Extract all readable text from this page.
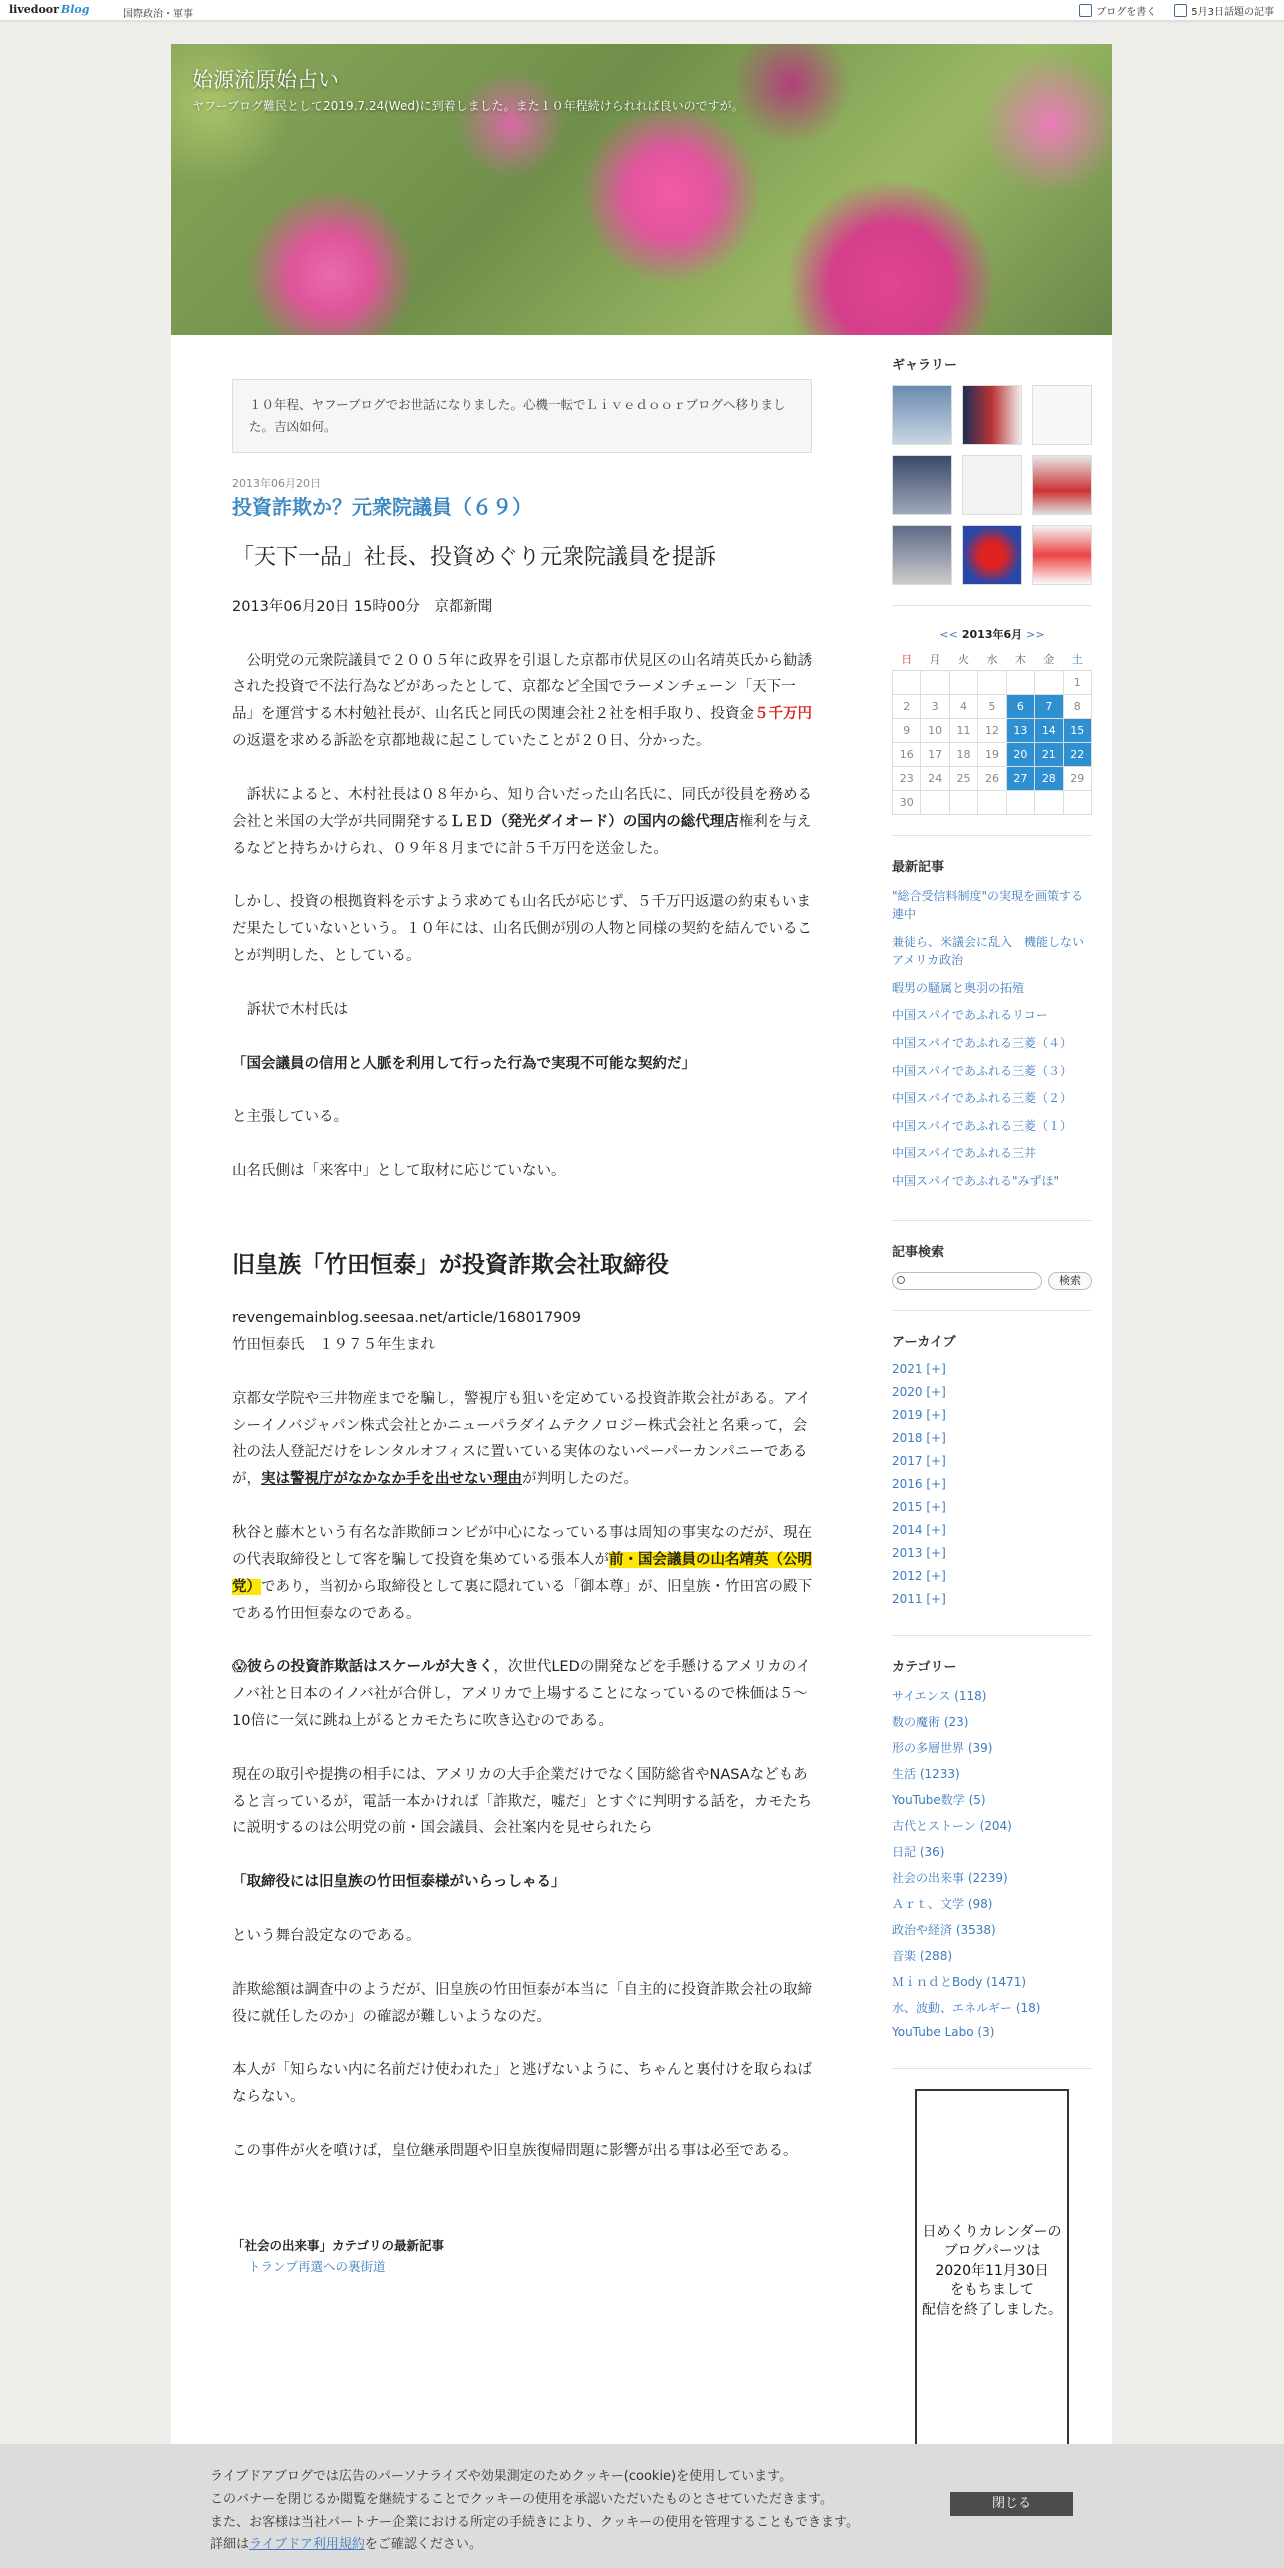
livedoor Blog	国際政治・軍事	ブログを書く	5月3日話題の記事
始源流原始占い
ヤフーブログ難民として2019.7.24(Wed)に到着しました。また１０年程続けられれば良いのですが。
１０年程、ヤフーブログでお世話になりました。心機一転でＬｉｖｅｄｏｏｒブログへ移りました。吉凶如何。
2013年06月20日
投資詐欺か？元衆院議員（６９）
「天下一品」社長、投資めぐり元衆院議員を提訴
2013年06月20日 15時00分　京都新聞
　公明党の元衆院議員で２００５年に政界を引退した京都市伏見区の山名靖英氏から勧誘された投資で不法行為などがあったとして、京都など全国でラーメンチェーン「天下一品」を運営する木村勉社長が、山名氏と同氏の関連会社２社を相手取り、投資金５千万円の返還を求める訴訟を京都地裁に起こしていたことが２０日、分かった。
　訴状によると、木村社長は０８年から、知り合いだった山名氏に、同氏が役員を務める会社と米国の大学が共同開発するＬＥＤ（発光ダイオード）の国内の総代理店権利を与えるなどと持ちかけられ、０９年８月までに計５千万円を送金した。
しかし、投資の根拠資料を示すよう求めても山名氏が応じず、５千万円返還の約束もいまだ果たしていないという。１０年には、山名氏側が別の人物と同様の契約を結んでいることが判明した、としている。
　訴状で木村氏は
「国会議員の信用と人脈を利用して行った行為で実現不可能な契約だ」
と主張している。
山名氏側は「来客中」として取材に応じていない。
旧皇族「竹田恒泰」が投資詐欺会社取締役
revengemainblog.seesaa.net/article/168017909
竹田恒泰氏　１９７５年生まれ
京都女学院や三井物産までを騙し，警視庁も狙いを定めている投資詐欺会社がある。アイシーイノバジャパン株式会社とかニューパラダイムテクノロジー株式会社と名乗って，会社の法人登記だけをレンタルオフィスに置いている実体のないペーパーカンパニーであるが，実は警視庁がなかなか手を出せない理由が判明したのだ。
秋谷と藤木という有名な詐欺師コンビが中心になっている事は周知の事実なのだが、現在の代表取締役として客を騙して投資を集めている張本人が前・国会議員の山名靖英（公明党）であり，当初から取締役として裏に隠れている「御本尊」が、旧皇族・竹田宮の殿下である竹田恒泰なのである。
😱彼らの投資詐欺話はスケールが大きく，次世代LEDの開発などを手懸けるアメリカのイノバ社と日本のイノバ社が合併し，アメリカで上場することになっているので株価は５～10倍に一気に跳ね上がるとカモたちに吹き込むのである。
現在の取引や提携の相手には、アメリカの大手企業だけでなく国防総省やNASAなどもあると言っているが，電話一本かければ「詐欺だ，嘘だ」とすぐに判明する話を，カモたちに説明するのは公明党の前・国会議員、会社案内を見せられたら
「取締役には旧皇族の竹田恒泰様がいらっしゃる」
という舞台設定なのである。
詐欺総額は調査中のようだが、旧皇族の竹田恒泰が本当に「自主的に投資詐欺会社の取締役に就任したのか」の確認が難しいようなのだ。
本人が「知らない内に名前だけ使われた」と逃げないように、ちゃんと裏付けを取らねばならない。
この事件が火を噴けば，皇位継承問題や旧皇族復帰問題に影響が出る事は必至である。
「社会の出来事」カテゴリの最新記事
トランプ再選への裏街道
ギャラリー
<< 2013年6月 >>
日	月	火	水	木	金	土
						1
2	3	4	5	6	7	8
9	10	11	12	13	14	15
16	17	18	19	20	21	22
23	24	25	26	27	28	29
30						
最新記事
"総合受信料制度"の実現を画策する連中
兼徒ら、米議会に乱入　機能しないアメリカ政治
暇男の騒属と奥羽の拓殖
中国スパイであふれるリコー
中国スパイであふれる三菱（４）
中国スパイであふれる三菱（３）
中国スパイであふれる三菱（２）
中国スパイであふれる三菱（１）
中国スパイであふれる三井
中国スパイであふれる"みずほ"
記事検索
検索
アーカイブ
2021 [+]
2020 [+]
2019 [+]
2018 [+]
2017 [+]
2016 [+]
2015 [+]
2014 [+]
2013 [+]
2012 [+]
2011 [+]
カテゴリー
サイエンス (118)
数の魔術 (23)
形の多層世界 (39)
生活 (1233)
YouTube数学 (5)
古代とストーン (204)
日記 (36)
社会の出来事 (2239)
Ａｒｔ、文学 (98)
政治や経済 (3538)
音楽 (288)
ＭｉｎｄとBody (1471)
水、波動、エネルギー (18)
YouTube Labo (3)
日めくりカレンダーの
ブログパーツは
2020年11月30日
をもちまして
配信を終了しました。
ライブドアブログでは広告のパーソナライズや効果測定のためクッキー(cookie)を使用しています。
このバナーを閉じるか閲覧を継続することでクッキーの使用を承認いただいたものとさせていただきます。
また、お客様は当社パートナー企業における所定の手続きにより、クッキーの使用を管理することもできます。
詳細はライブドア利用規約をご確認ください。
閉じる
